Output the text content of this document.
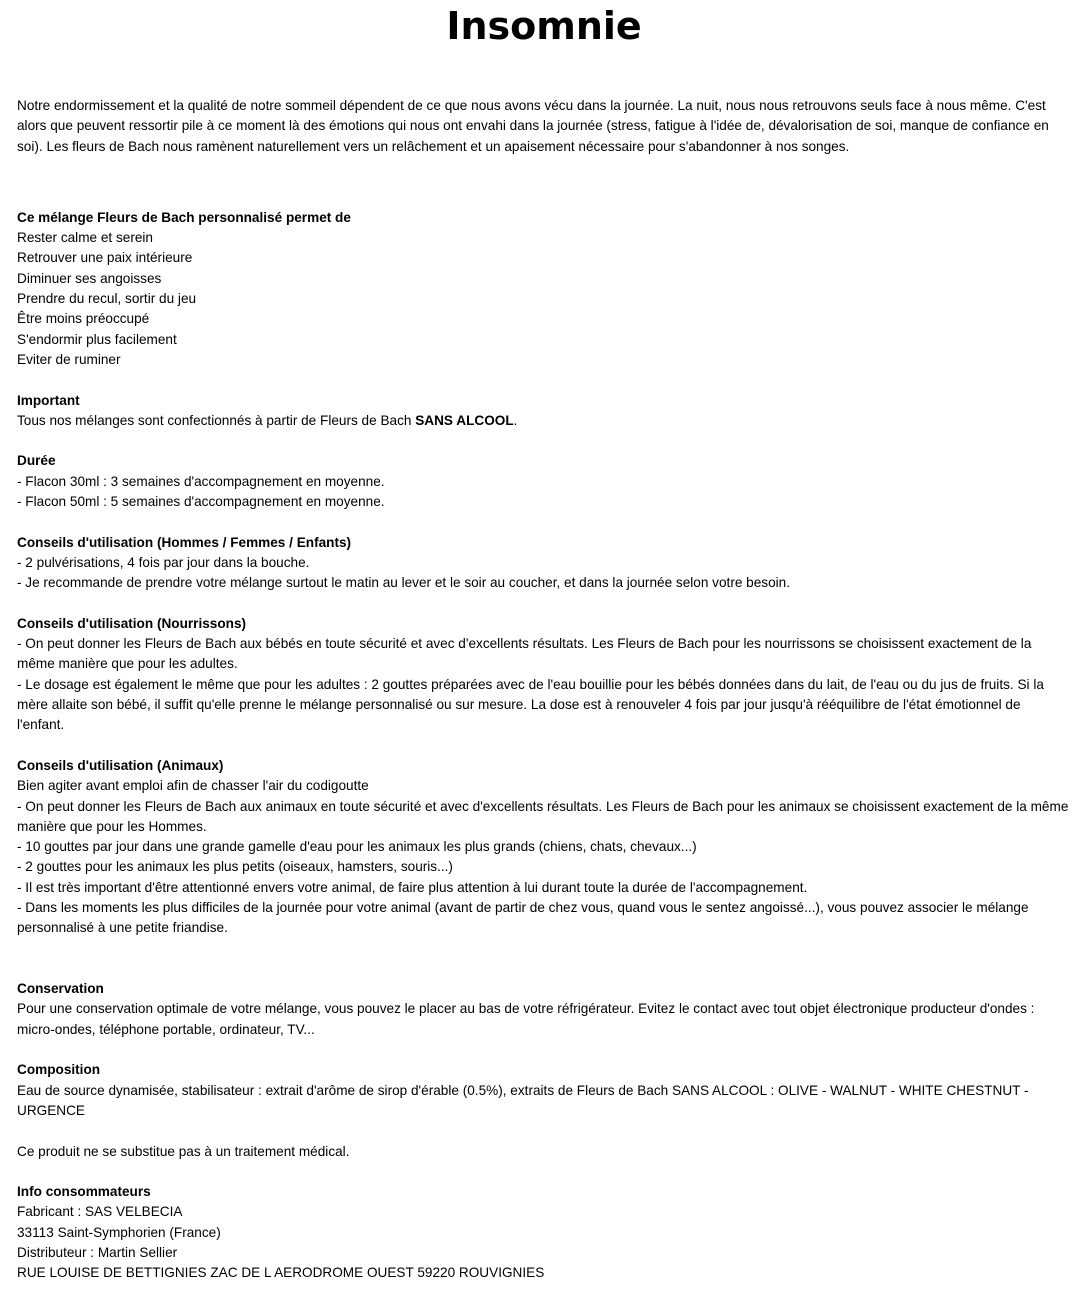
Insomnie

Notre endormissement et la qualité de notre sommeil dépendent de ce que nous avons vécu dans la journée. La nuit, nous nous retrouvons seuls face à nous même. C'est alors que peuvent ressortir pile à ce moment là des émotions qui nous ont envahi dans la journée (stress, fatigue à l'idée de, dévalorisation de soi, manque de confiance en soi). Les fleurs de Bach nous ramènent naturellement vers un relâchement et un apaisement nécessaire pour s'abandonner à nos songes.

Ce mélange Fleurs de Bach personnalisé permet de
Rester calme et serein
Retrouver une paix intérieure
Diminuer ses angoisses
Prendre du recul, sortir du jeu
Être moins préoccupé
S'endormir plus facilement
Eviter de ruminer
Important
Tous nos mélanges sont confectionnés à partir de Fleurs de Bach SANS ALCOOL.
Durée
- Flacon 30ml : 3 semaines d'accompagnement en moyenne.
- Flacon 50ml : 5 semaines d'accompagnement en moyenne.
Conseils d'utilisation (Hommes / Femmes / Enfants)
- 2 pulvérisations, 4 fois par jour dans la bouche.
- Je recommande de prendre votre mélange surtout le matin au lever et le soir au coucher, et dans la journée selon votre besoin.
Conseils d'utilisation (Nourrissons)
- On peut donner les Fleurs de Bach aux bébés en toute sécurité et avec d'excellents résultats. Les Fleurs de Bach pour les nourrissons se choisissent exactement de la même manière que pour les adultes.
- Le dosage est également le même que pour les adultes : 2 gouttes préparées avec de l'eau bouillie pour les bébés données dans du lait, de l'eau ou du jus de fruits. Si la mère allaite son bébé, il suffit qu'elle prenne le mélange personnalisé ou sur mesure. La dose est à renouveler 4 fois par jour jusqu'à rééquilibre de l'état émotionnel de l'enfant.
Conseils d'utilisation (Animaux)
Bien agiter avant emploi afin de chasser l'air du codigoutte
- On peut donner les Fleurs de Bach aux animaux en toute sécurité et avec d'excellents résultats. Les Fleurs de Bach pour les animaux se choisissent exactement de la même manière que pour les Hommes.
- 10 gouttes par jour dans une grande gamelle d'eau pour les animaux les plus grands (chiens, chats, chevaux...)
- 2 gouttes pour les animaux les plus petits (oiseaux, hamsters, souris...)
- Il est très important d'être attentionné envers votre animal, de faire plus attention à lui durant toute la durée de l'accompagnement.
- Dans les moments les plus difficiles de la journée pour votre animal (avant de partir de chez vous, quand vous le sentez angoissé...), vous pouvez associer le mélange personnalisé à une petite friandise.
Conservation
Pour une conservation optimale de votre mélange, vous pouvez le placer au bas de votre réfrigérateur. Evitez le contact avec tout objet électronique producteur d'ondes : micro-ondes, téléphone portable, ordinateur, TV...
Composition
Eau de source dynamisée, stabilisateur : extrait d'arôme de sirop d'érable (0.5%), extraits de Fleurs de Bach SANS ALCOOL : OLIVE - WALNUT - WHITE CHESTNUT - URGENCE
Ce produit ne se substitue pas à un traitement médical.
Info consommateurs
Fabricant : SAS VELBECIA
33113 Saint-Symphorien (France)
Distributeur : Martin Sellier
RUE LOUISE DE BETTIGNIES ZAC DE L AERODROME OUEST 59220 ROUVIGNIES
